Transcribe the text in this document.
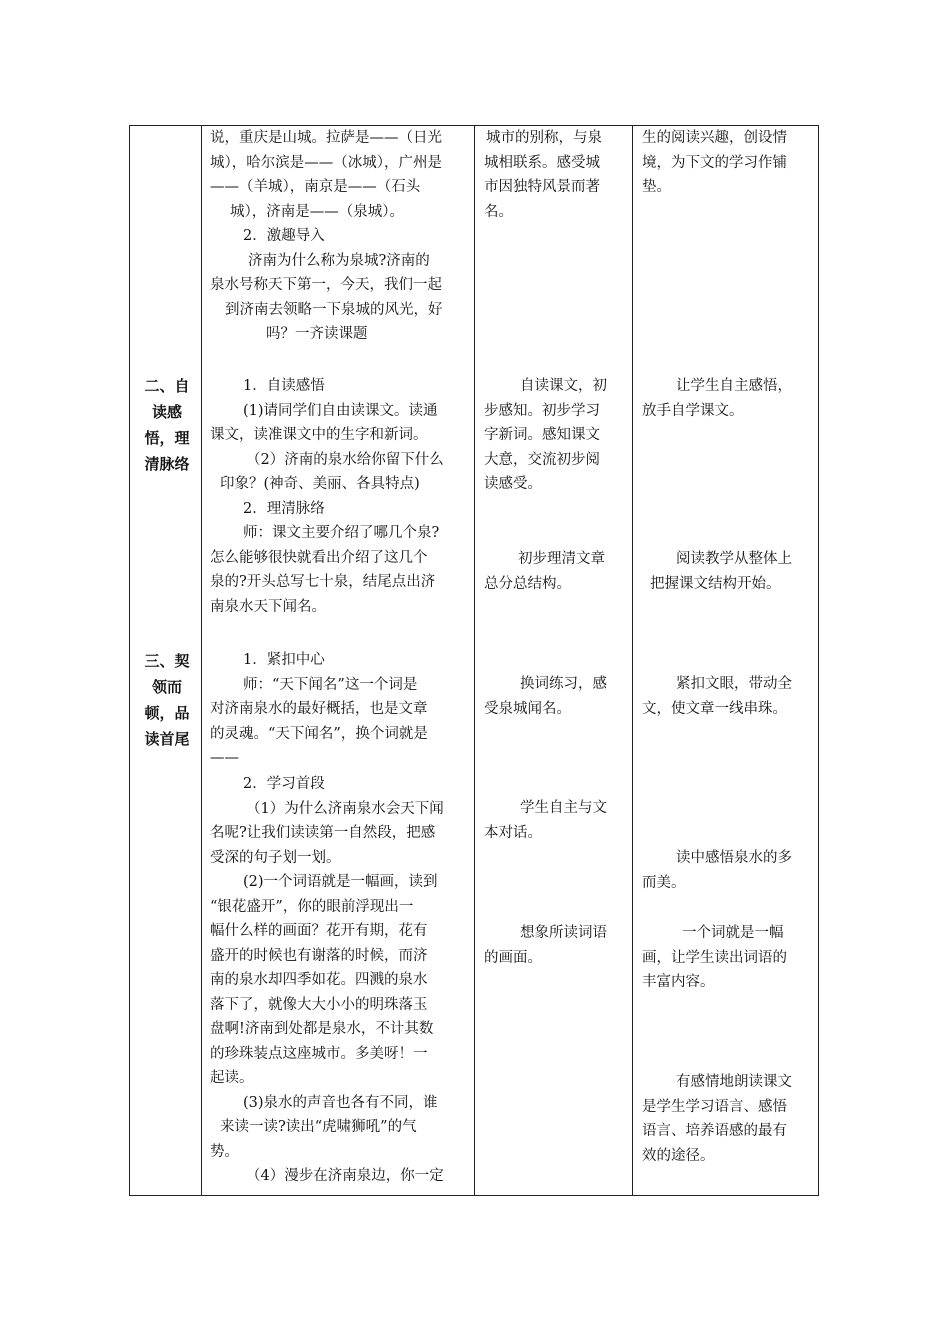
二、自
读感
悟，理
清脉络
三、契
领而
顿，品
读首尾
说，重庆是山城。拉萨是——（日光
城），哈尔滨是——（冰城），广州是
——（羊城），南京是——（石头
城），济南是——（泉城）。
2．激趣导入
济南为什么称为泉城?济南的
泉水号称天下第一，今天，我们一起
到济南去领略一下泉城的风光，好
吗？一齐读课题
1．自读感悟
(1)请同学们自由读课文。读通
课文，读准课文中的生字和新词。
（2）济南的泉水给你留下什么
印象？(神奇、美丽、各具特点)
2．理清脉络
师：课文主要介绍了哪几个泉?
怎么能够很快就看出介绍了这几个
泉的?开头总写七十泉，结尾点出济
南泉水天下闻名。
1．紧扣中心
师：“天下闻名”这一个词是
对济南泉水的最好概括，也是文章
的灵魂。“天下闻名”，换个词就是
——
2．学习首段
（1）为什么济南泉水会天下闻
名呢?让我们读读第一自然段，把感
受深的句子划一划。
(2)一个词语就是一幅画，读到
“银花盛开”，你的眼前浮现出一
幅什么样的画面？花开有期，花有
盛开的时候也有谢落的时候，而济
南的泉水却四季如花。四溅的泉水
落下了，就像大大小小的明珠落玉
盘啊!济南到处都是泉水，不计其数
的珍珠装点这座城市。多美呀！一
起读。
(3)泉水的声音也各有不同，谁
来读一读?读出“虎啸狮吼”的气
势。
（4）漫步在济南泉边，你一定
城市的别称，与泉
城相联系。感受城
市因独特风景而著
名。
自读课文，初
步感知。初步学习
字新词。感知课文
大意，交流初步阅
读感受。
初步理清文章
总分总结构。
换词练习，感
受泉城闻名。
学生自主与文
本对话。
想象所读词语
的画面。
生的阅读兴趣，创设情
境，为下文的学习作铺
垫。
让学生自主感悟，
放手自学课文。
阅读教学从整体上
把握课文结构开始。
紧扣文眼，带动全
文，使文章一线串珠。
读中感悟泉水的多
而美。
一个词就是一幅
画，让学生读出词语的
丰富内容。
有感情地朗读课文
是学生学习语言、感悟
语言、培养语感的最有
效的途径。
